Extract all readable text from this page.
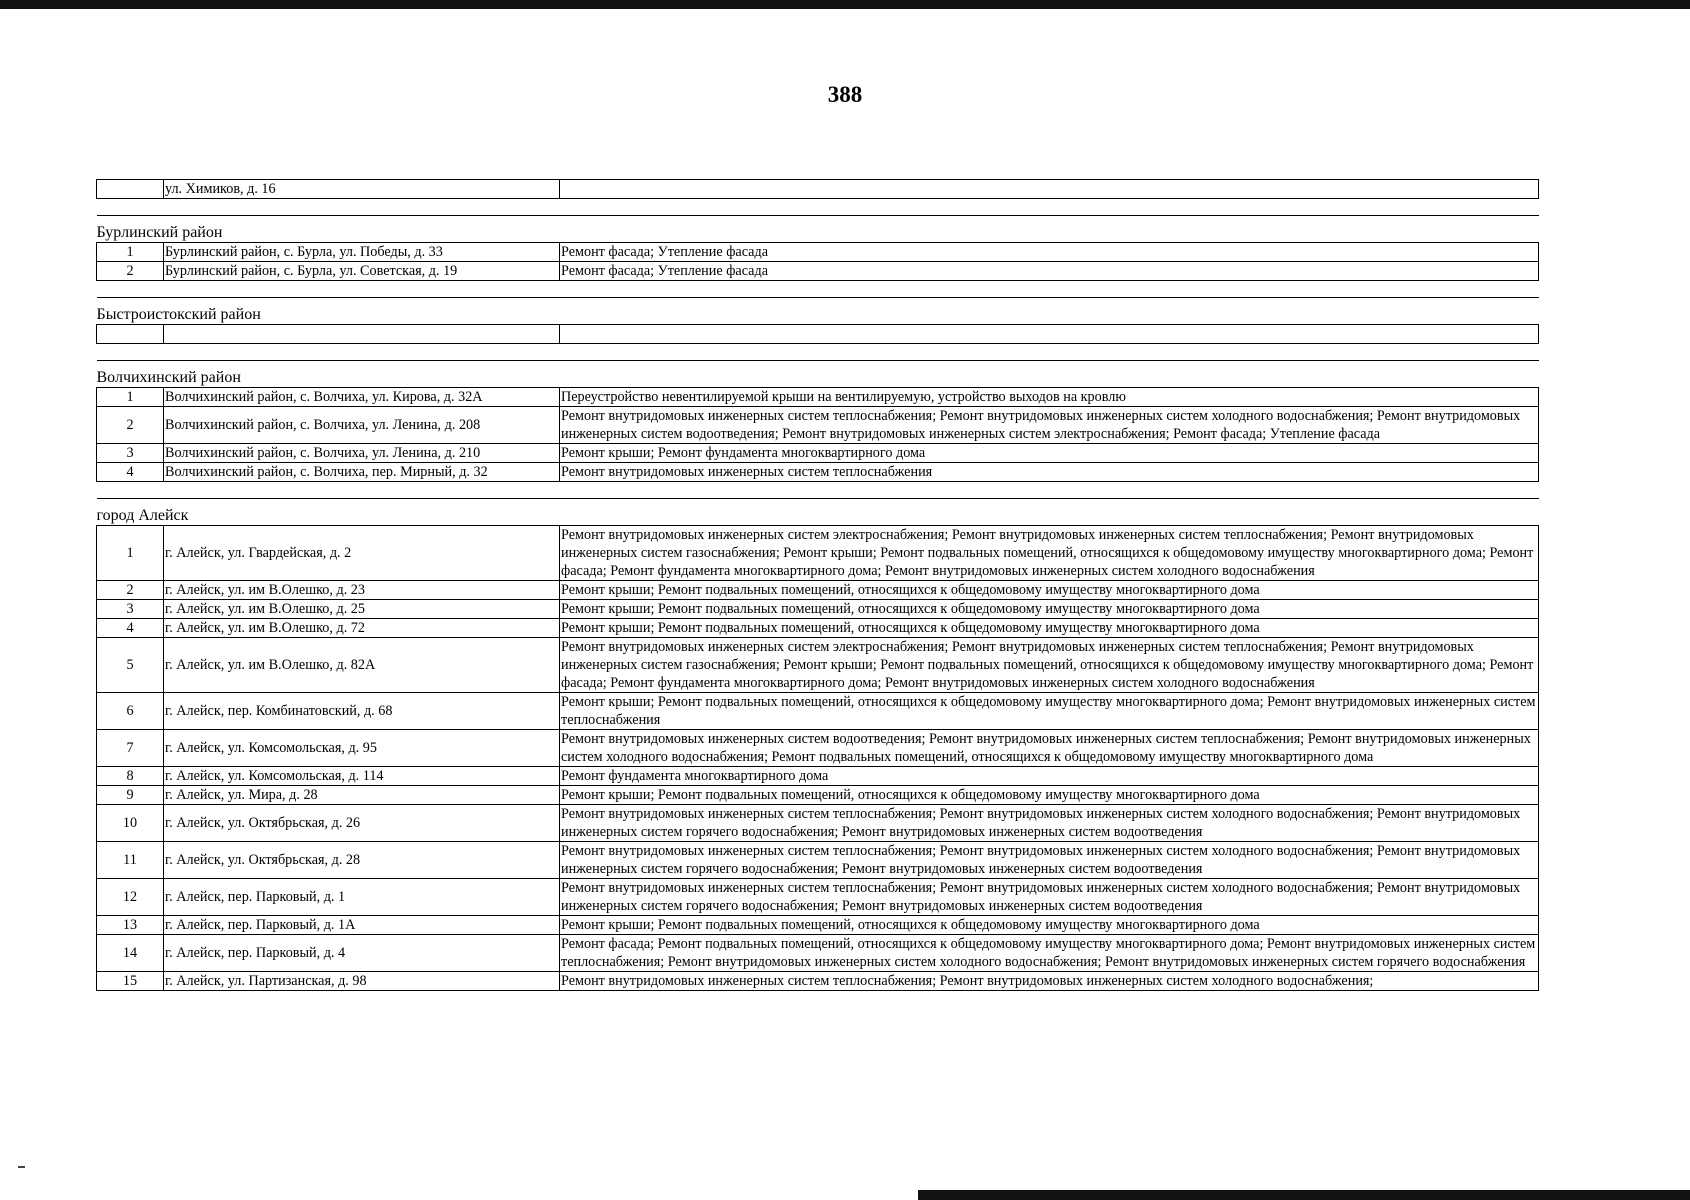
388
	ул. Химиков, д. 16	

Бурлинский район		
1	Бурлинский район, с. Бурла, ул. Победы, д. 33	Ремонт фасада; Утепление фасада
2	Бурлинский район, с. Бурла, ул. Советская, д. 19	Ремонт фасада; Утепление фасада

Быстроистокский район		

Волчихинский район		
1	Волчихинский район, с. Волчиха, ул. Кирова, д. 32А	Переустройство невентилируемой крыши на вентилируемую, устройство выходов на кровлю
2	Волчихинский район, с. Волчиха, ул. Ленина, д. 208	Ремонт внутридомовых инженерных систем теплоснабжения; Ремонт внутридомовых инженерных систем холодного водоснабжения; Ремонт внутридомовых инженерных систем водоотведения; Ремонт внутридомовых инженерных систем электроснабжения; Ремонт фасада; Утепление фасада
3	Волчихинский район, с. Волчиха, ул. Ленина, д. 210	Ремонт крыши; Ремонт фундамента многоквартирного дома
4	Волчихинский район, с. Волчиха, пер. Мирный, д. 32	Ремонт внутридомовых инженерных систем теплоснабжения

город Алейск		
1	г. Алейск, ул. Гвардейская, д. 2	Ремонт внутридомовых инженерных систем электроснабжения; Ремонт внутридомовых инженерных систем теплоснабжения; Ремонт внутридомовых инженерных систем газоснабжения; Ремонт крыши; Ремонт подвальных помещений, относящихся к общедомовому имуществу многоквартирного дома; Ремонт фасада; Ремонт фундамента многоквартирного дома; Ремонт внутридомовых инженерных систем холодного водоснабжения
2	г. Алейск, ул. им В.Олешко, д. 23	Ремонт крыши; Ремонт подвальных помещений, относящихся к общедомовому имуществу многоквартирного дома
3	г. Алейск, ул. им В.Олешко, д. 25	Ремонт крыши; Ремонт подвальных помещений, относящихся к общедомовому имуществу многоквартирного дома
4	г. Алейск, ул. им В.Олешко, д. 72	Ремонт крыши; Ремонт подвальных помещений, относящихся к общедомовому имуществу многоквартирного дома
5	г. Алейск, ул. им В.Олешко, д. 82А	Ремонт внутридомовых инженерных систем электроснабжения; Ремонт внутридомовых инженерных систем теплоснабжения; Ремонт внутридомовых инженерных систем газоснабжения; Ремонт крыши; Ремонт подвальных помещений, относящихся к общедомовому имуществу многоквартирного дома; Ремонт фасада; Ремонт фундамента многоквартирного дома; Ремонт внутридомовых инженерных систем холодного водоснабжения
6	г. Алейск, пер. Комбинатовский, д. 68	Ремонт крыши; Ремонт подвальных помещений, относящихся к общедомовому имуществу многоквартирного дома; Ремонт внутридомовых инженерных систем теплоснабжения
7	г. Алейск, ул. Комсомольская, д. 95	Ремонт внутридомовых инженерных систем водоотведения; Ремонт внутридомовых инженерных систем теплоснабжения; Ремонт внутридомовых инженерных систем холодного водоснабжения; Ремонт подвальных помещений, относящихся к общедомовому имуществу многоквартирного дома
8	г. Алейск, ул. Комсомольская, д. 114	Ремонт фундамента многоквартирного дома
9	г. Алейск, ул. Мира, д. 28	Ремонт крыши; Ремонт подвальных помещений, относящихся к общедомовому имуществу многоквартирного дома
10	г. Алейск, ул. Октябрьская, д. 26	Ремонт внутридомовых инженерных систем теплоснабжения; Ремонт внутридомовых инженерных систем холодного водоснабжения; Ремонт внутридомовых инженерных систем горячего водоснабжения; Ремонт внутридомовых инженерных систем водоотведения
11	г. Алейск, ул. Октябрьская, д. 28	Ремонт внутридомовых инженерных систем теплоснабжения; Ремонт внутридомовых инженерных систем холодного водоснабжения; Ремонт внутридомовых инженерных систем горячего водоснабжения; Ремонт внутридомовых инженерных систем водоотведения
12	г. Алейск, пер. Парковый, д. 1	Ремонт внутридомовых инженерных систем теплоснабжения; Ремонт внутридомовых инженерных систем холодного водоснабжения; Ремонт внутридомовых инженерных систем горячего водоснабжения; Ремонт внутридомовых инженерных систем водоотведения
13	г. Алейск, пер. Парковый, д. 1А	Ремонт крыши; Ремонт подвальных помещений, относящихся к общедомовому имуществу многоквартирного дома
14	г. Алейск, пер. Парковый, д. 4	Ремонт фасада; Ремонт подвальных помещений, относящихся к общедомовому имуществу многоквартирного дома; Ремонт внутридомовых инженерных систем теплоснабжения; Ремонт внутридомовых инженерных систем холодного водоснабжения; Ремонт внутридомовых инженерных систем горячего водоснабжения
15	г. Алейск, ул. Партизанская, д. 98	Ремонт внутридомовых инженерных систем теплоснабжения; Ремонт внутридомовых инженерных систем холодного водоснабжения;
